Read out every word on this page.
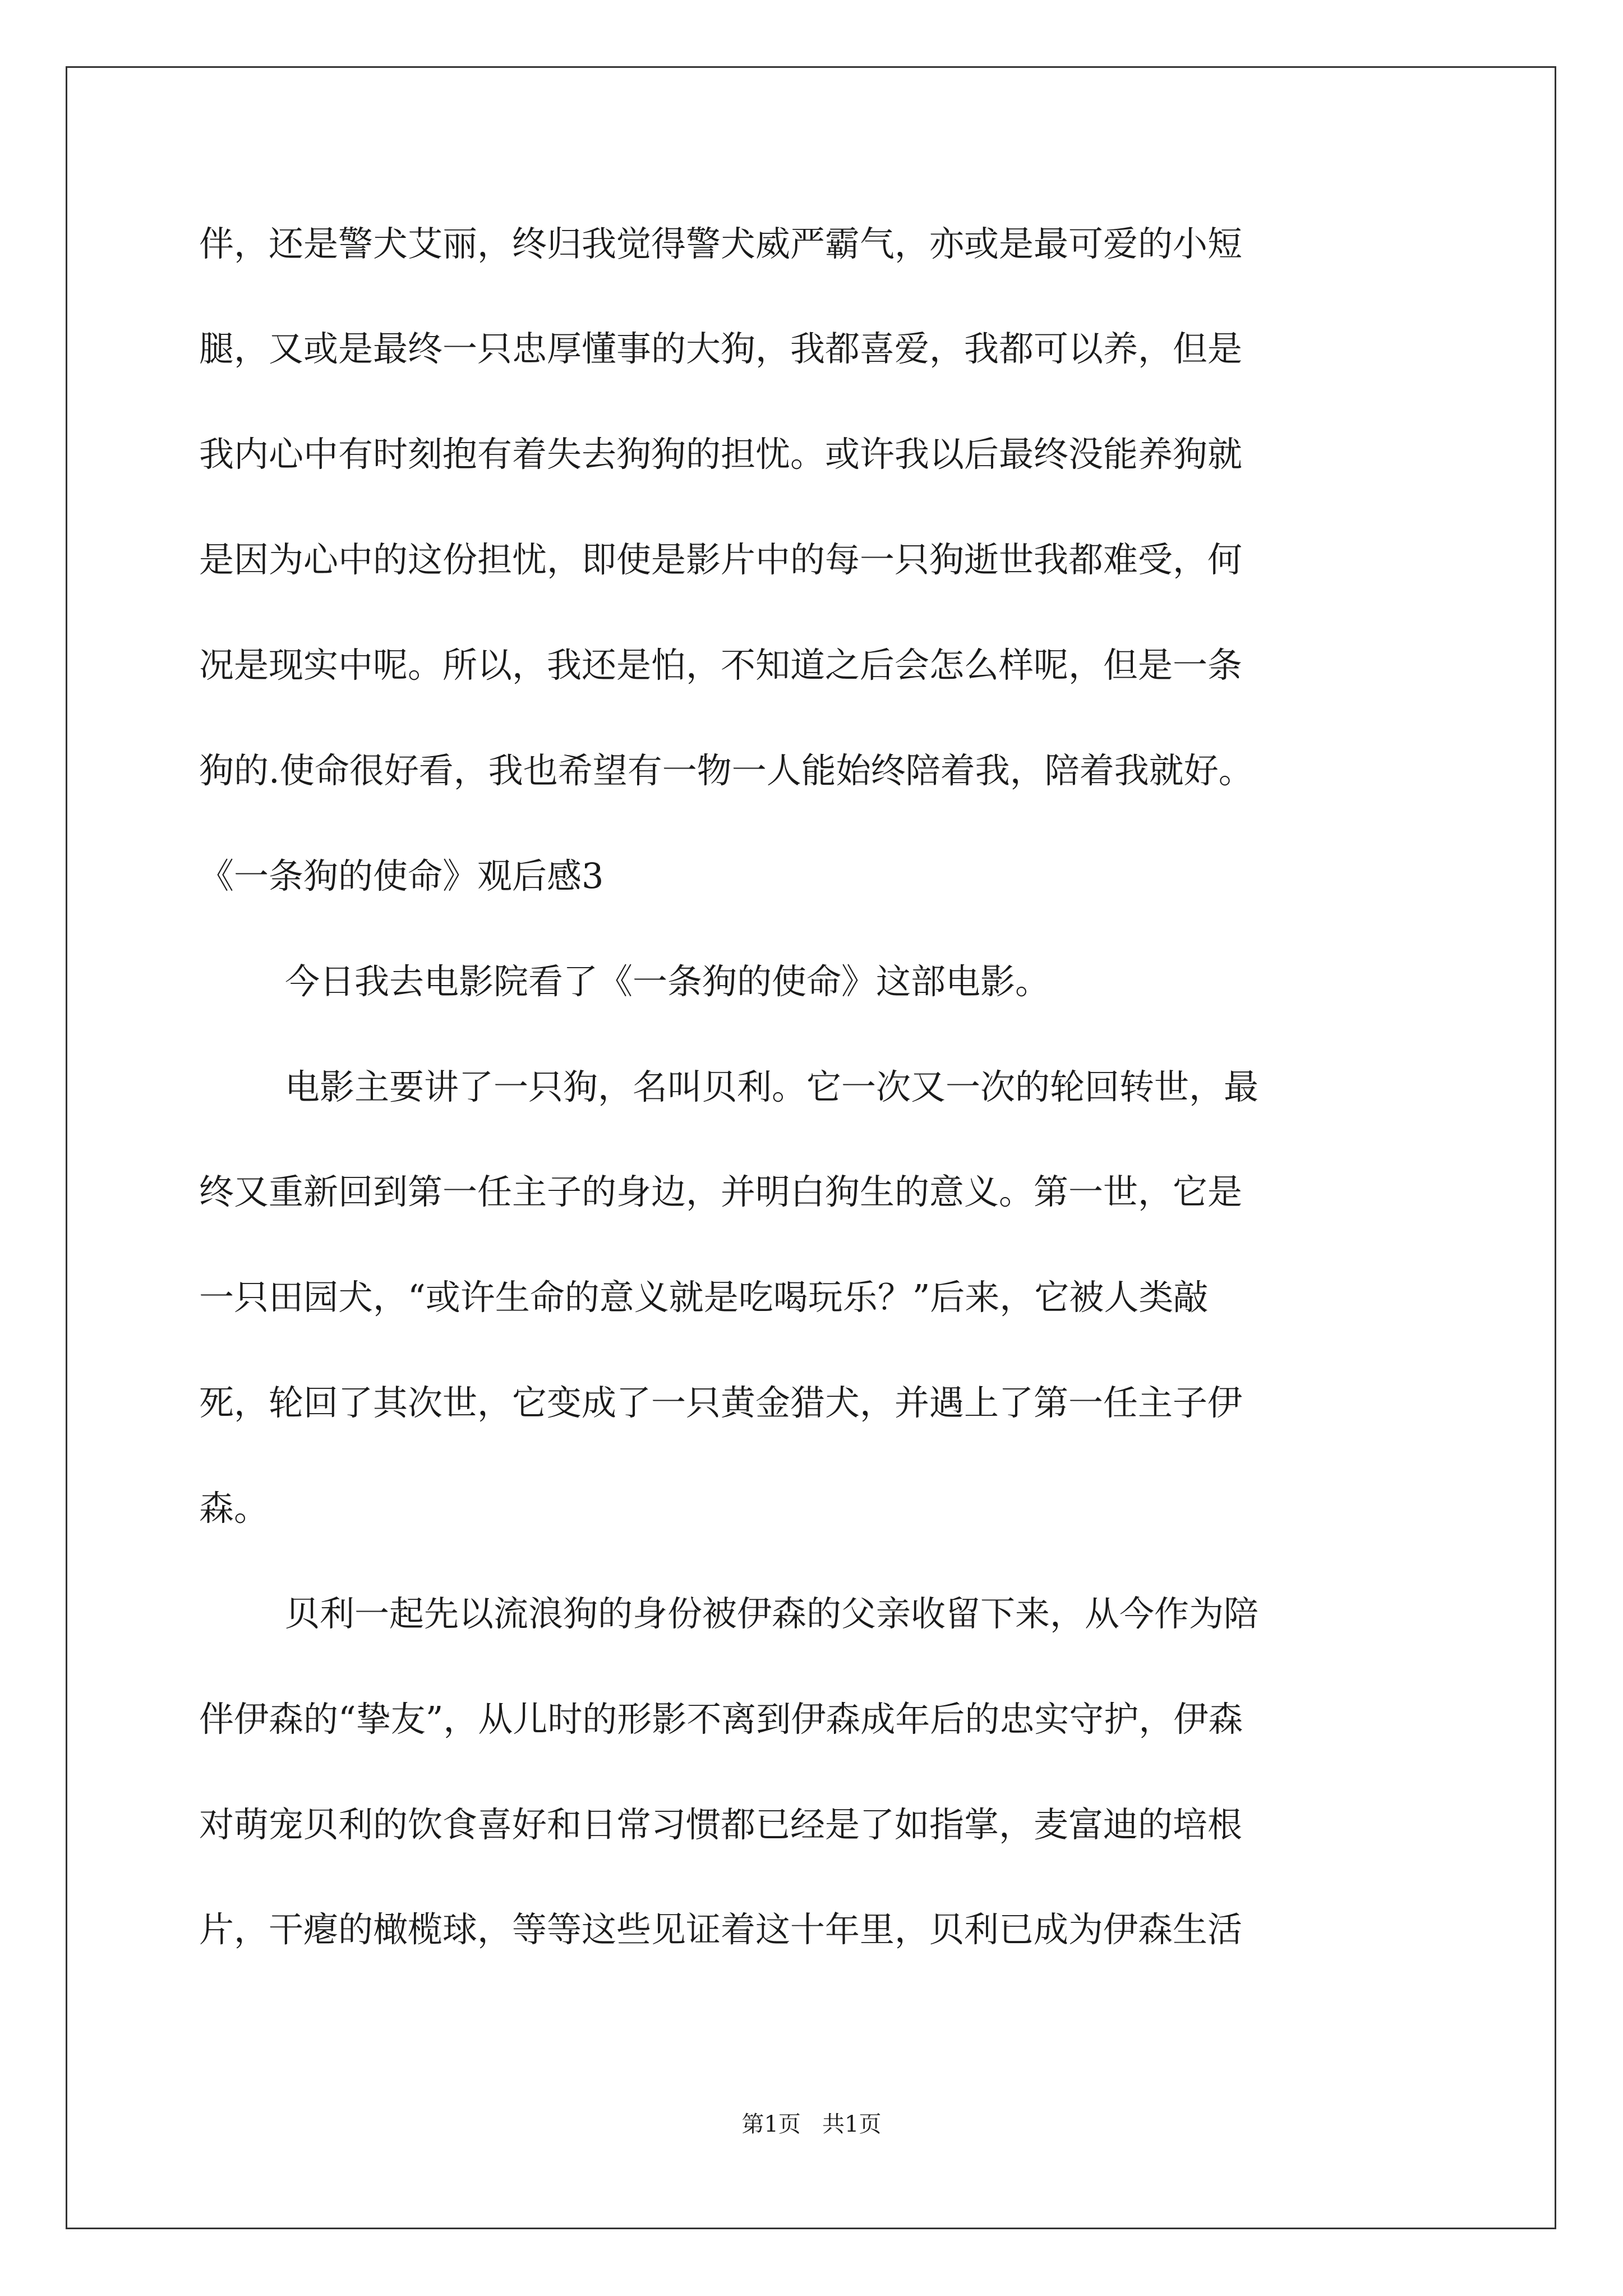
伴，还是警犬艾丽，终归我觉得警犬威严霸气，亦或是最可爱的小短
腿，又或是最终一只忠厚懂事的大狗，我都喜爱，我都可以养，但是
我内心中有时刻抱有着失去狗狗的担忧。或许我以后最终没能养狗就
是因为心中的这份担忧，即使是影片中的每一只狗逝世我都难受，何
况是现实中呢。所以，我还是怕，不知道之后会怎么样呢，但是一条
狗的.使命很好看，我也希望有一物一人能始终陪着我，陪着我就好。
《一条狗的使命》观后感3
今日我去电影院看了《一条狗的使命》这部电影。
电影主要讲了一只狗，名叫贝利。它一次又一次的轮回转世，最
终又重新回到第一任主子的身边，并明白狗生的意义。第一世，它是
一只田园犬，“或许生命的意义就是吃喝玩乐？”后来，它被人类敲
死，轮回了其次世，它变成了一只黄金猎犬，并遇上了第一任主子伊
森。
贝利一起先以流浪狗的身份被伊森的父亲收留下来，从今作为陪
伴伊森的“挚友”，从儿时的形影不离到伊森成年后的忠实守护，伊森
对萌宠贝利的饮食喜好和日常习惯都已经是了如指掌，麦富迪的培根
片，干瘪的橄榄球，等等这些见证着这十年里，贝利已成为伊森生活
第1页   共1页
